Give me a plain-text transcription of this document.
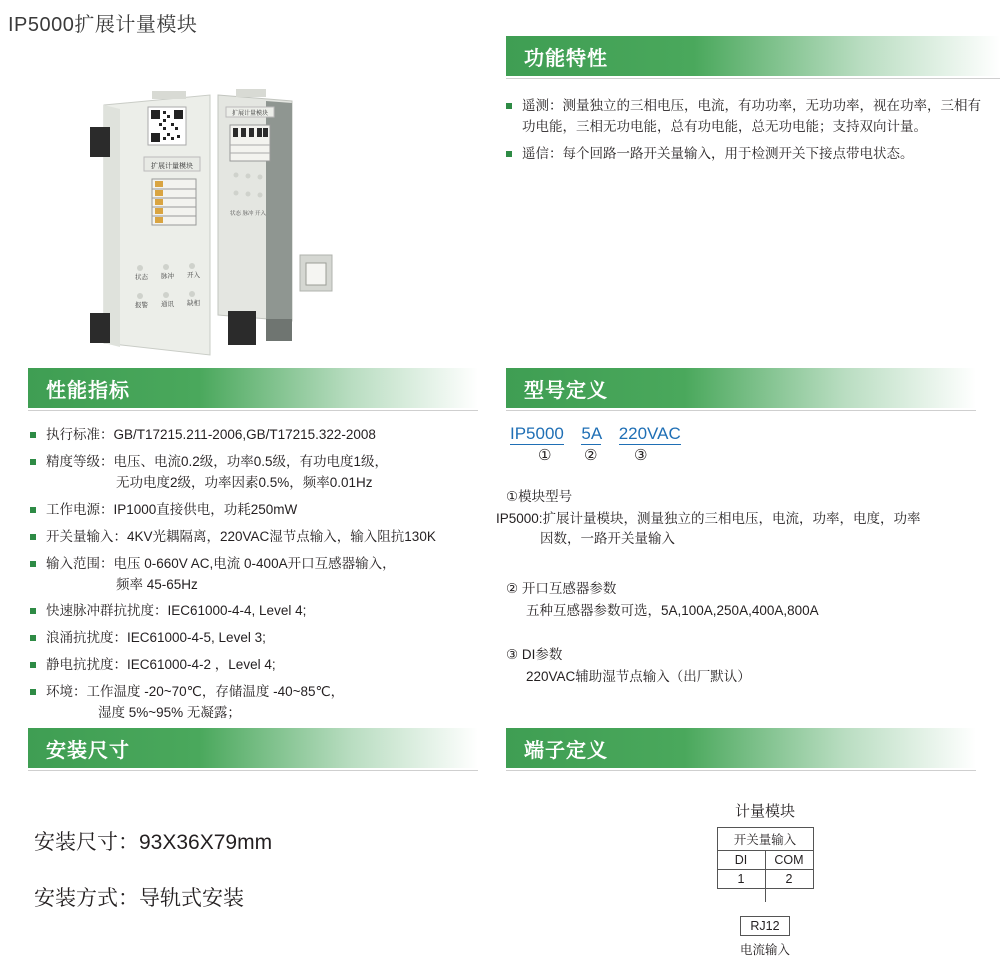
IP5000扩展计量模块
扩展计量模块
状态 脉冲 开入
报警 通讯 缺相
扩展计量模块
状态 脉冲 开入
功能特性
遥测：测量独立的三相电压，电流，有功功率，无功功率，视在功率，三相有功电能，三相无功电能，总有功电能，总无功电能；支持双向计量。
遥信：每个回路一路开关量输入，用于检测开关下接点带电状态。
性能指标
执行标准：GB/T17215.211-2006,GB/T17215.322-2008
精度等级：电压、电流0.2级，功率0.5级，有功电度1级，
无功电度2级，功率因素0.5%，频率0.01Hz
工作电源：IP1000直接供电，功耗250mW
开关量输入：4KV光耦隔离，220VAC湿节点输入，输入阻抗130K
输入范围：电压 0-660V AC,电流 0-400A开口互感器输入，
频率 45-65Hz
快速脉冲群抗扰度：IEC61000-4-4, Level 4;
浪涌抗扰度：IEC61000-4-5, Level 3;
静电抗扰度：IEC61000-4-2 ，Level 4;
环境：工作温度 -20~70℃，存储温度 -40~85℃，
湿度 5%~95% 无凝露；
型号定义
IP5000 5A 220VAC
① ② ③
①模块型号
IP5000:扩展计量模块，测量独立的三相电压，电流，功率，电度，功率
因数，一路开关量输入
② 开口互感器参数
五种互感器参数可选，5A,100A,250A,400A,800A
③ DI参数
220VAC辅助湿节点输入（出厂默认）
安装尺寸
安装尺寸：93X36X79mm
安装方式：导轨式安装
端子定义
计量模块
开关量输入	
DI	COM
1	2
RJ12
电流输入
